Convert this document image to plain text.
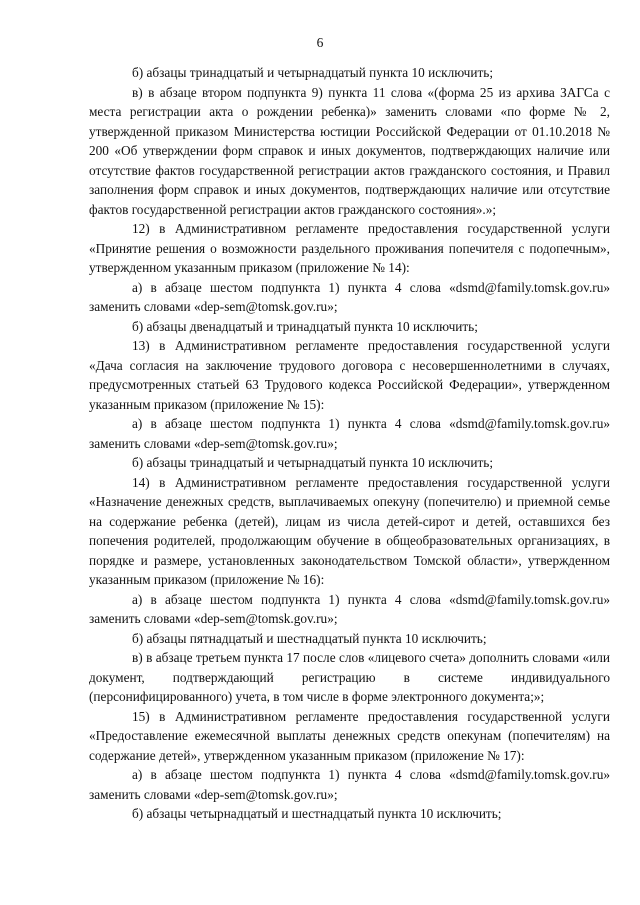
6

б) абзацы тринадцатый и четырнадцатый пункта 10 исключить;

в) в абзаце втором подпункта 9) пункта 11 слова «(форма 25 из архива ЗАГСа с места регистрации акта о рождении ребенка)» заменить словами «по форме № 2, утвержденной приказом Министерства юстиции Российской Федерации от 01.10.2018 № 200 «Об утверждении форм справок и иных документов, подтверждающих наличие или отсутствие фактов государственной регистрации актов гражданского состояния, и Правил заполнения форм справок и иных документов, подтверждающих наличие или отсутствие фактов государственной регистрации актов гражданского состояния».»;

12) в Административном регламенте предоставления государственной услуги «Принятие решения о возможности раздельного проживания попечителя с подопечным», утвержденном указанным приказом (приложение № 14):

а) в абзаце шестом подпункта 1) пункта 4 слова «dsmd@family.tomsk.gov.ru» заменить словами «dep-sem@tomsk.gov.ru»;

б) абзацы двенадцатый и тринадцатый пункта 10 исключить;

13) в Административном регламенте предоставления государственной услуги «Дача согласия на заключение трудового договора с несовершеннолетними в случаях, предусмотренных статьей 63 Трудового кодекса Российской Федерации», утвержденном указанным приказом (приложение № 15):

а) в абзаце шестом подпункта 1) пункта 4 слова «dsmd@family.tomsk.gov.ru» заменить словами «dep-sem@tomsk.gov.ru»;

б) абзацы тринадцатый и четырнадцатый пункта 10 исключить;

14) в Административном регламенте предоставления государственной услуги «Назначение денежных средств, выплачиваемых опекуну (попечителю) и приемной семье на содержание ребенка (детей), лицам из числа детей-сирот и детей, оставшихся без попечения родителей, продолжающим обучение в общеобразовательных организациях, в порядке и размере, установленных законодательством Томской области», утвержденном указанным приказом (приложение № 16):

а) в абзаце шестом подпункта 1) пункта 4 слова «dsmd@family.tomsk.gov.ru» заменить словами «dep-sem@tomsk.gov.ru»;

б) абзацы пятнадцатый и шестнадцатый пункта 10 исключить;

в) в абзаце третьем пункта 17 после слов «лицевого счета» дополнить словами «или документ, подтверждающий регистрацию в системе индивидуального (персонифицированного) учета, в том числе в форме электронного документа;»;

15) в Административном регламенте предоставления государственной услуги «Предоставление ежемесячной выплаты денежных средств опекунам (попечителям) на содержание детей», утвержденном указанным приказом (приложение № 17):

а) в абзаце шестом подпункта 1) пункта 4 слова «dsmd@family.tomsk.gov.ru» заменить словами «dep-sem@tomsk.gov.ru»;

б) абзацы четырнадцатый и шестнадцатый пункта 10 исключить;
